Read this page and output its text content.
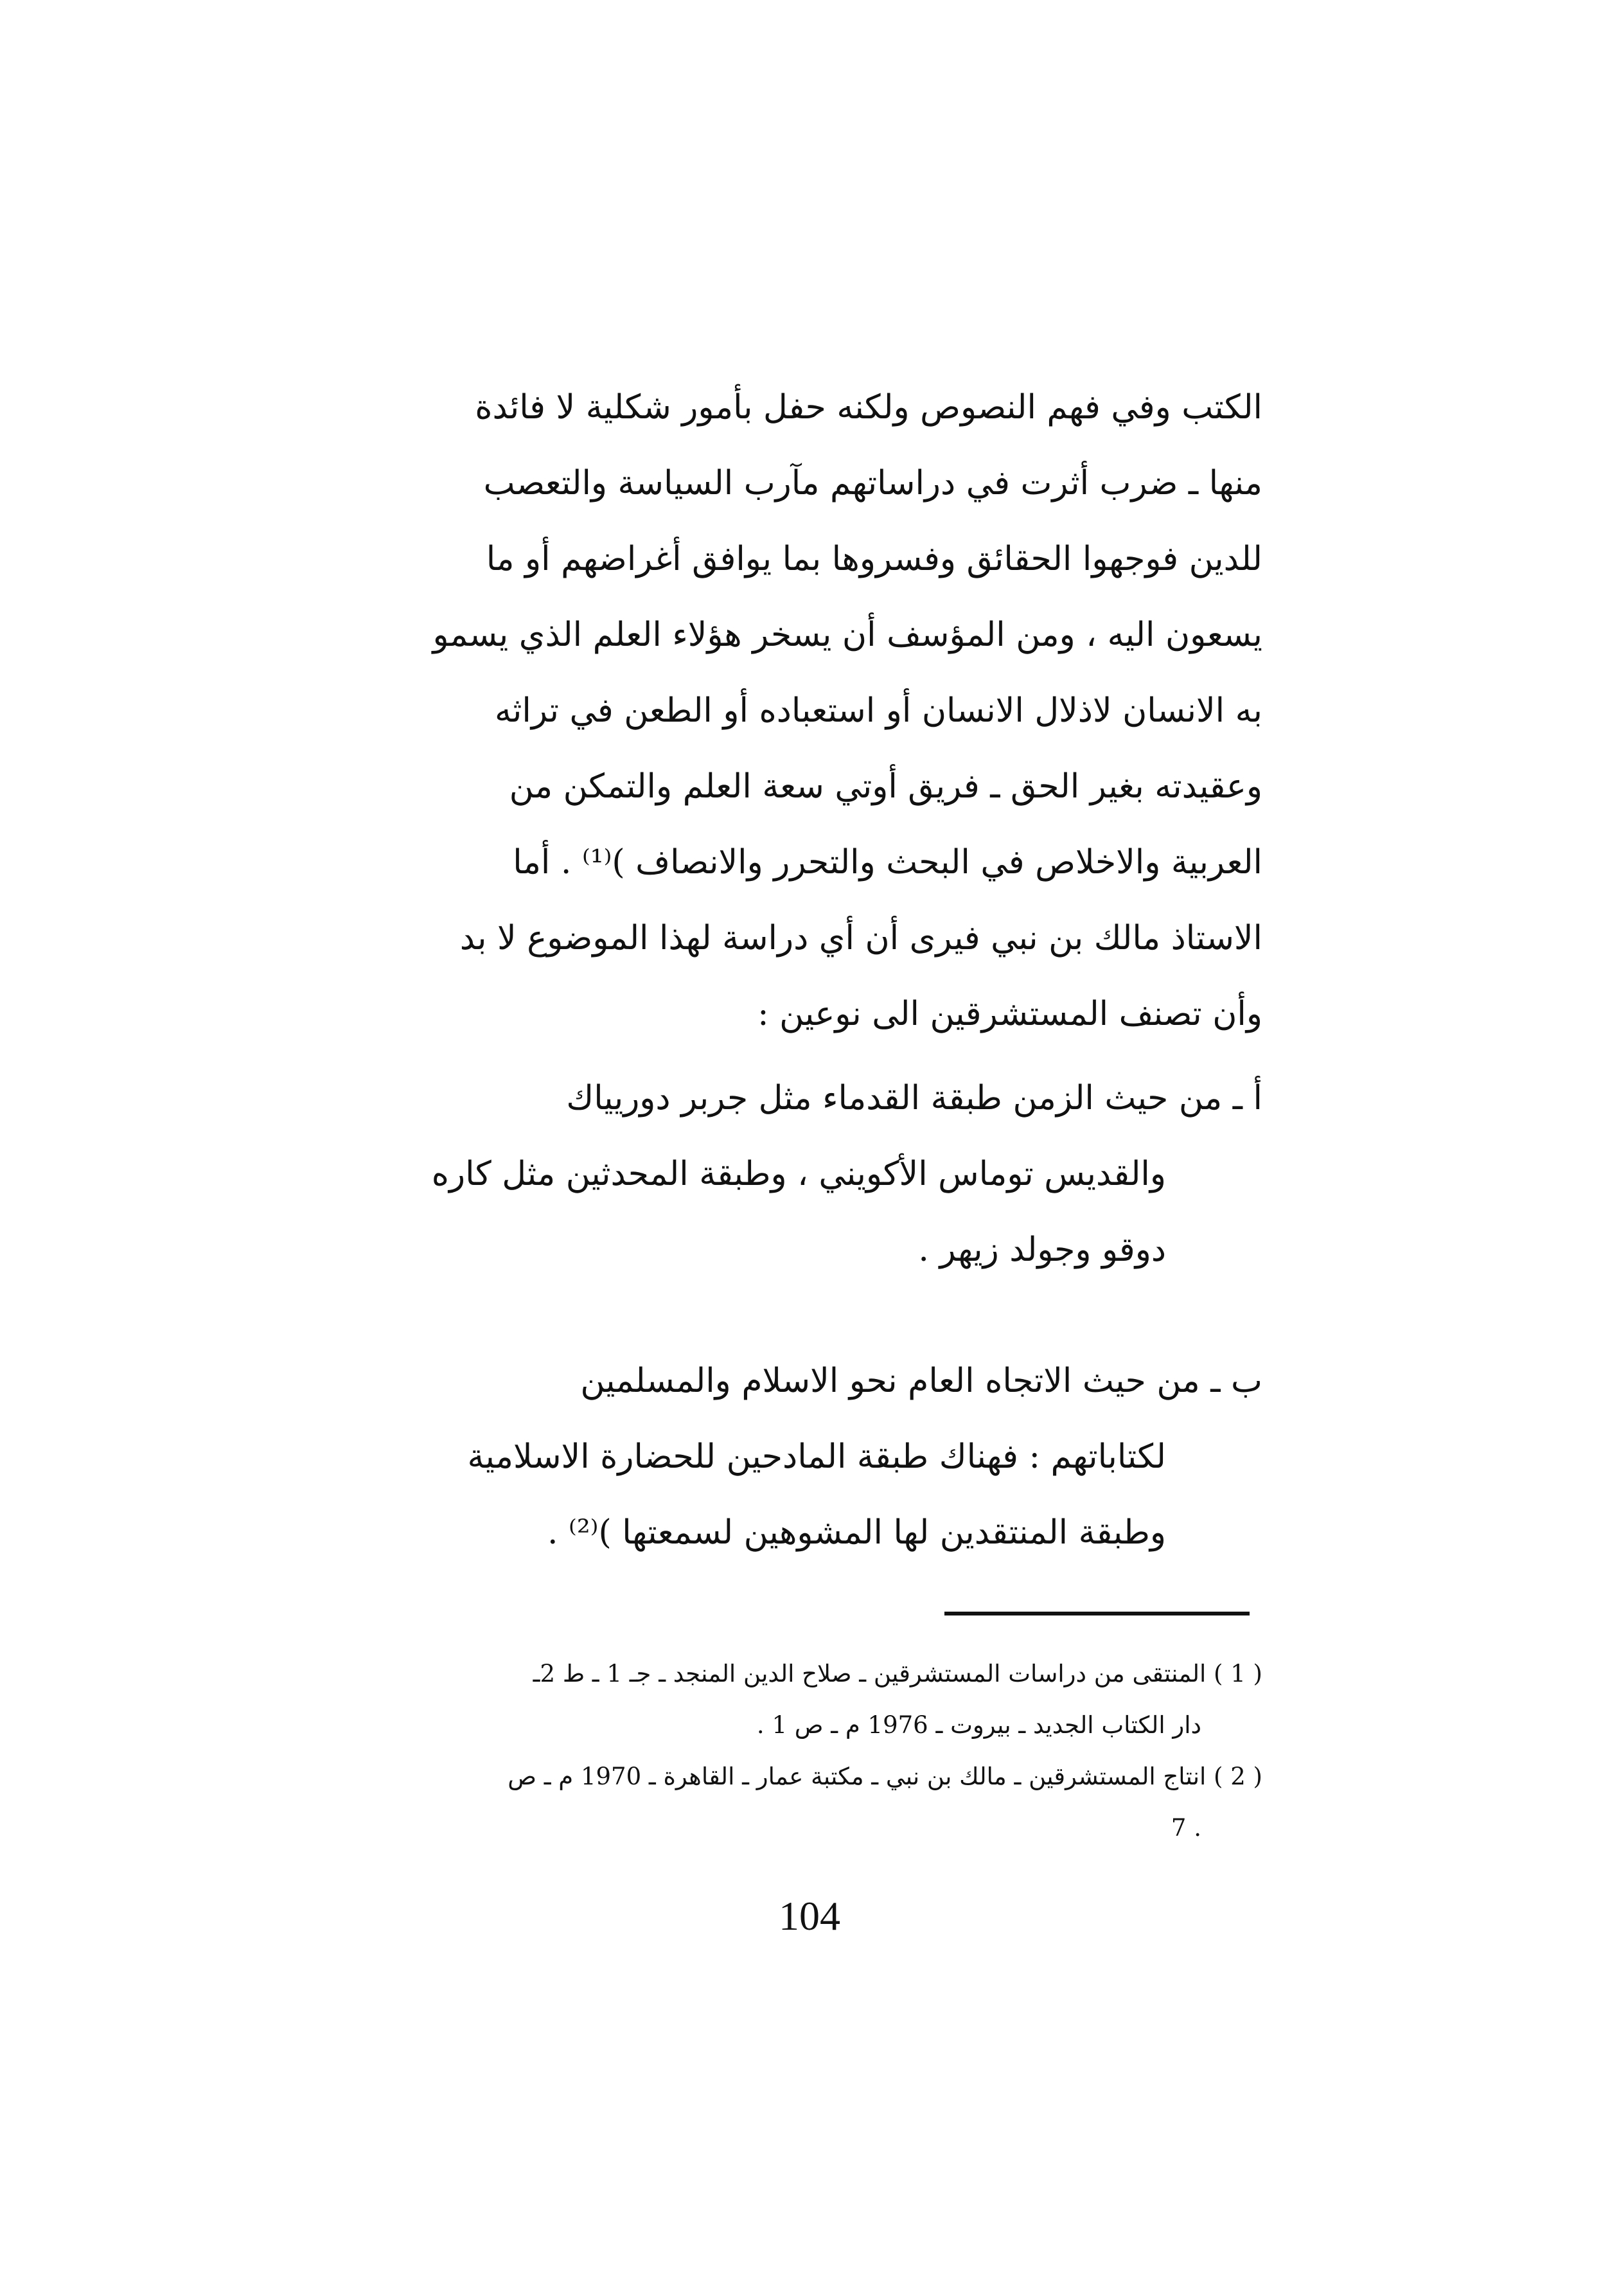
الكتب وفي فهم النصوص ولكنه حفل بأمور شكلية لا فائدة
منها ـ ضرب أثرت في دراساتهم مآرب السياسة والتعصب
للدين فوجهوا الحقائق وفسروها بما يوافق أغراضهم أو ما
يسعون اليه ، ومن المؤسف أن يسخر هؤلاء العلم الذي يسمو
به الانسان لاذلال الانسان أو استعباده أو الطعن في تراثه
وعقيدته بغير الحق ـ فريق أوتي سعة العلم والتمكن من
العربية والاخلاص في البحث والتحرر والانصاف )⁽¹⁾ . أما
الاستاذ مالك بن نبي فيرى أن أي دراسة لهذا الموضوع لا بد
وأن تصنف المستشرقين الى نوعين :
أ ـ من حيث الزمن طبقة القدماء مثل جربر دوريياك
والقديس توماس الأكويني ، وطبقة المحدثين مثل كاره
دوقو وجولد زيهر .
ب ـ من حيث الاتجاه العام نحو الاسلام والمسلمين
لكتاباتهم : فهناك طبقة المادحين للحضارة الاسلامية
وطبقة المنتقدين لها المشوهين لسمعتها )⁽²⁾ .
( 1 ) المنتقى من دراسات المستشرقين ـ صلاح الدين المنجد ـ جـ 1 ـ ط 2ـ
دار الكتاب الجديد ـ بيروت ـ 1976 م ـ ص 1 .
( 2 ) انتاج المستشرقين ـ مالك بن نبي ـ مكتبة عمار ـ القاهرة ـ 1970 م ـ ص
. 7
104
